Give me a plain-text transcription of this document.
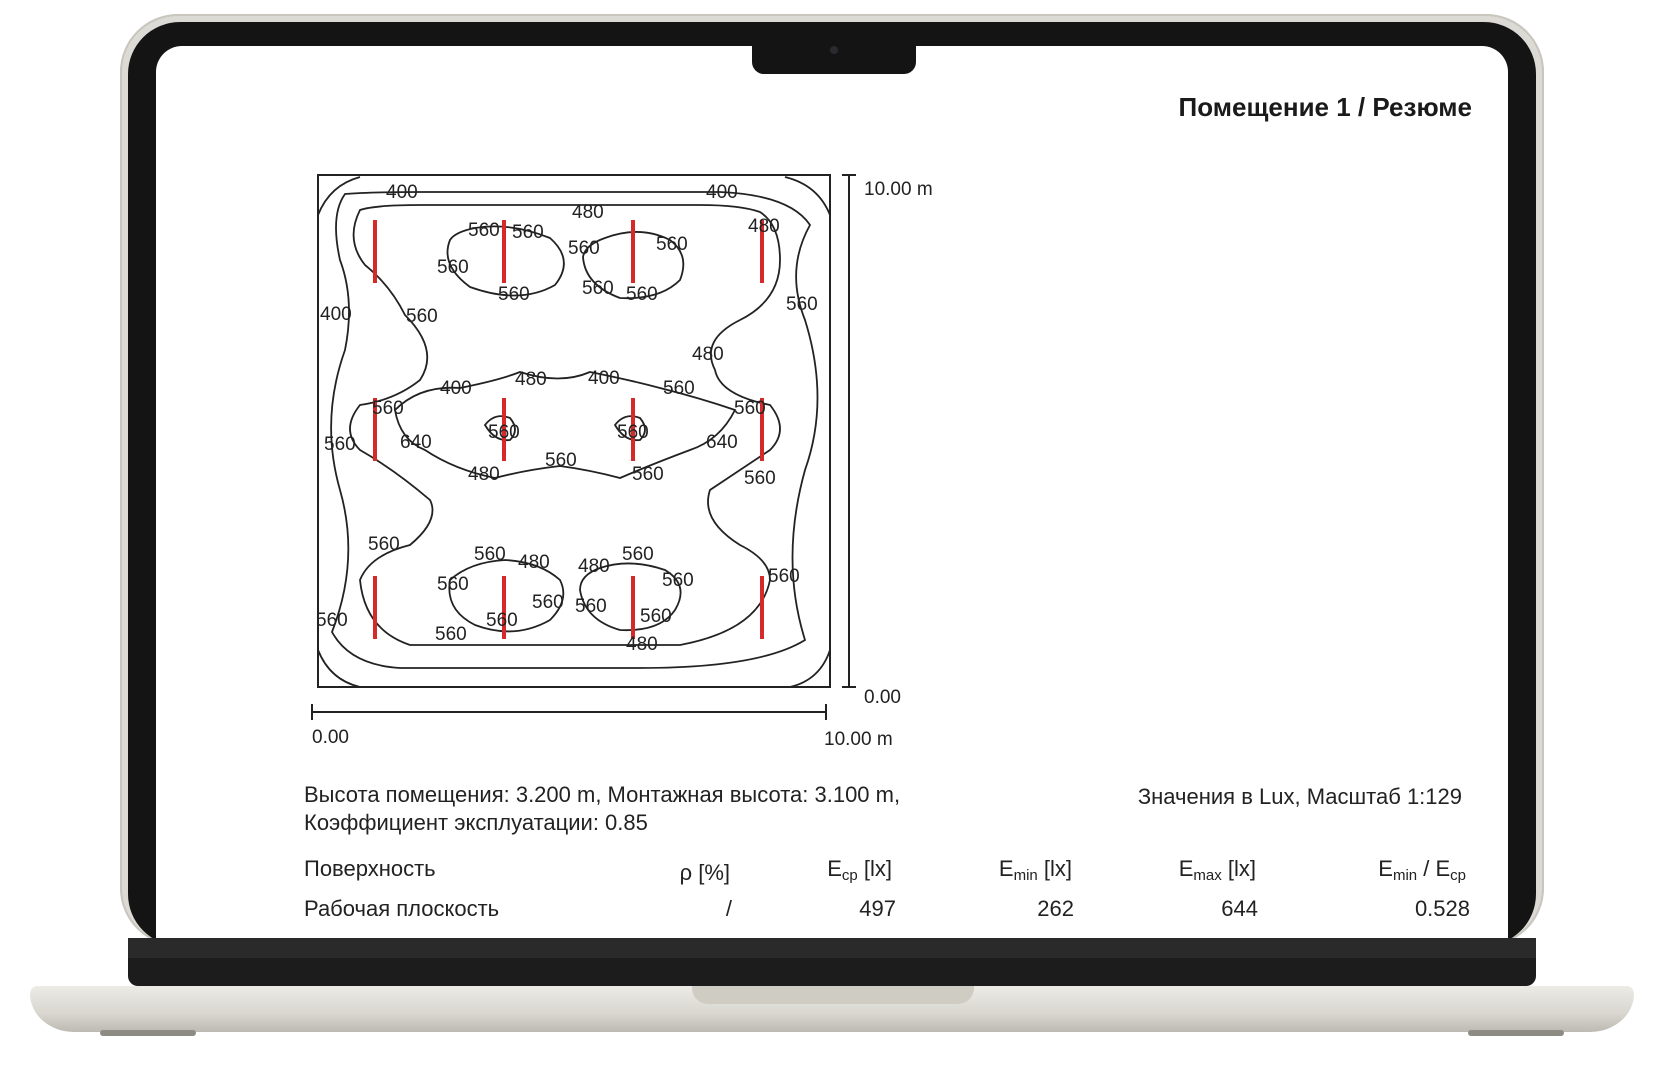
Помещение 1 / Резюме
400
480
400
480
400
560 560
560	560
560
560	560 560
560
560
480
400 480 400 560
560	560
560	560
560 640	640
560
480	560	560
560	560 480 480
560
560
560
560 560
560	560
560
560
560	480
10.00 m
0.00
0.00	10.00 m
Высота помещения: 3.200 m, Монтажная высота: 3.100 m,
Коэффициент эксплуатации: 0.85
Значения в Lux, Масштаб 1:129
Поверхность	ρ [%]	$E_{ср}$ [lx]	$E_{min}$ [lx]	$E_{max}$ [lx]	$E_{min} / E_{cp}$
Рабочая плоскость	/	497	262	644	0.528
